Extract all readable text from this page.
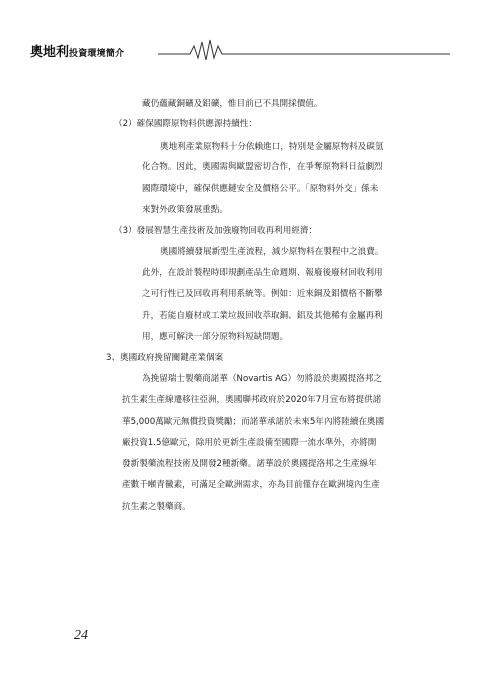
奧地利投資環境簡介
藏仍蘊藏銅礦及鋁礦，惟目前已不具開採價值。
（2）確保國際原物料供應源持續性：
奧地利產業原物料十分依賴進口，特別是金屬原物料及碳氫
化合物。因此，奧國需與歐盟密切合作，在爭奪原物料日益劇烈
國際環境中，確保供應鏈安全及價格公平。「原物料外交」係未
來對外政策發展重點。
（3）發展智慧生產技術及加強廢物回收再利用經濟：
奧國將續發展新型生產流程，減少原物料在製程中之浪費。
此外，在設計製程時即規劃產品生命週期、報廢後廢材回收利用
之可行性已及回收再利用系統等。例如：近來銅及鋁價格不斷攀
升，若能自廢材或工業垃圾回收萃取銅、鋁及其他稀有金屬再利
用，應可解決一部分原物料短缺問題。
3、奧國政府挽留關鍵產業個案
為挽留瑞士製藥商諾華（Novartis AG）勿將設於奧國提洛邦之
抗生素生產線遷移往亞洲，奧國聯邦政府於2020年7月宣布將提供諾
華5,000萬歐元無償投資獎勵；而諾華承諾於未來5年內將陸續在奧國
廠投資1.5億歐元，除用於更新生產設備至國際一流水準外，亦將開
發新製藥流程技術及開發2種新藥。諾華設於奧國提洛邦之生產線年
產數千噸青黴素，可滿足全歐洲需求，亦為目前僅存在歐洲境內生產
抗生素之製藥商。
24
